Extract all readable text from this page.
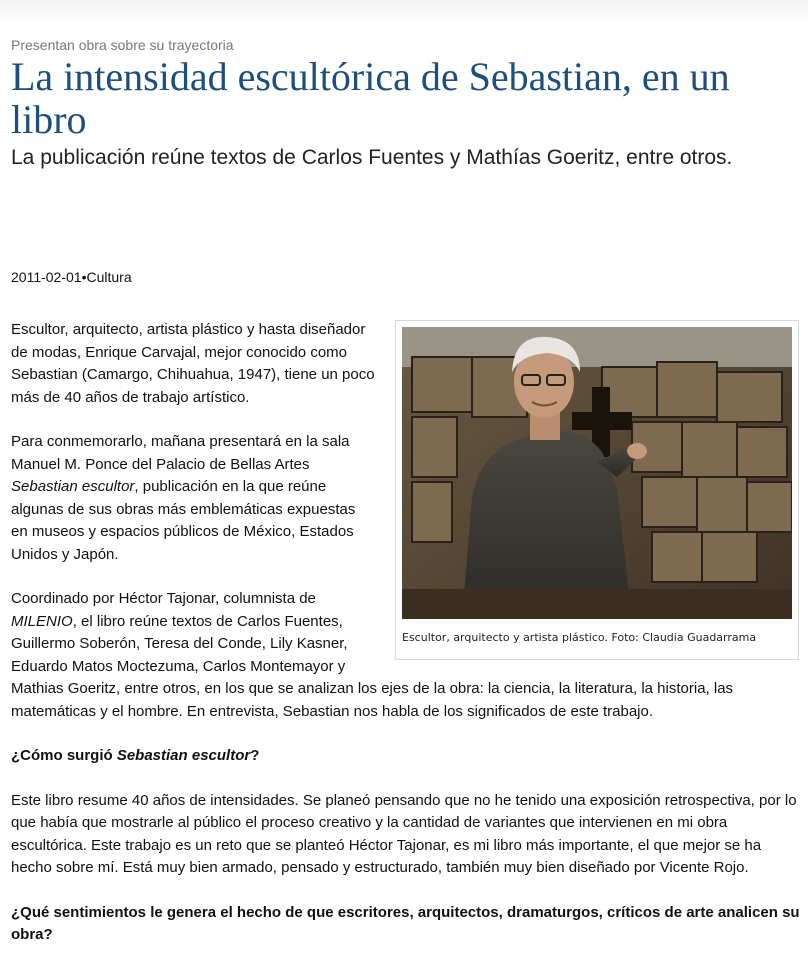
Presentan obra sobre su trayectoria
La intensidad escultórica de Sebastian, en un libro
La publicación reúne textos de Carlos Fuentes y Mathías Goeritz, entre otros.
2011-02-01•Cultura
Escultor, arquitecto y artista plástico. Foto: Claudia Guadarrama

Escultor, arquitecto, artista plástico y hasta diseñador de modas, Enrique Carvajal, mejor conocido como Sebastian (Camargo, Chihuahua, 1947), tiene un poco más de 40 años de trabajo artístico.

Para conmemorarlo, mañana presentará en la sala Manuel M. Ponce del Palacio de Bellas Artes Sebastian escultor, publicación en la que reúne algunas de sus obras más emblemáticas expuestas en museos y espacios públicos de México, Estados Unidos y Japón.

Coordinado por Héctor Tajonar, columnista de MILENIO, el libro reúne textos de Carlos Fuentes, Guillermo Soberón, Teresa del Conde, Lily Kasner, Eduardo Matos Moctezuma, Carlos Montemayor y Mathias Goeritz, entre otros, en los que se analizan los ejes de la obra: la ciencia, la literatura, la historia, las matemáticas y el hombre. En entrevista, Sebastian nos habla de los significados de este trabajo.

¿Cómo surgió Sebastian escultor?

Este libro resume 40 años de intensidades. Se planeó pensando que no he tenido una exposición retrospectiva, por lo que había que mostrarle al público el proceso creativo y la cantidad de variantes que intervienen en mi obra escultórica. Este trabajo es un reto que se planteó Héctor Tajonar, es mi libro más importante, el que mejor se ha hecho sobre mí. Está muy bien armado, pensado y estructurado, también muy bien diseñado por Vicente Rojo.

¿Qué sentimientos le genera el hecho de que escritores, arquitectos, dramaturgos, críticos de arte analicen su obra?
